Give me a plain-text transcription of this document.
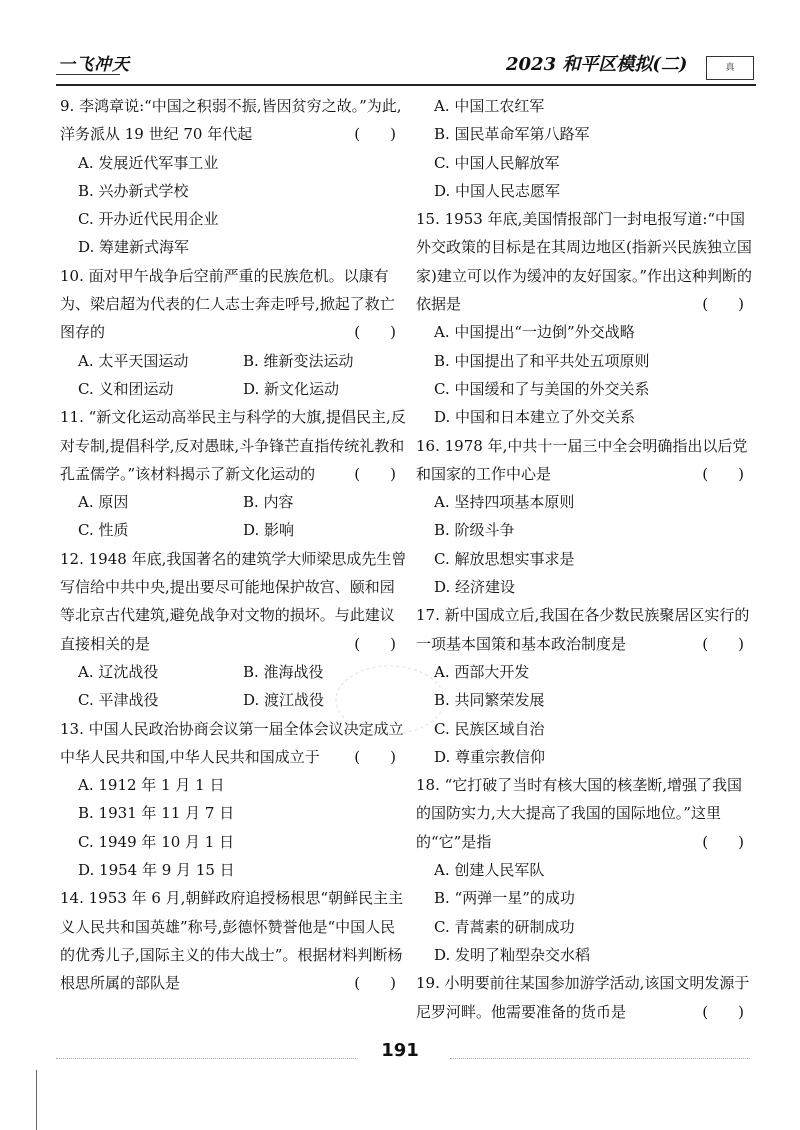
一飞冲天	2023 和平区模拟(二)	真
9. 李鸿章说:“中国之积弱不振,皆因贫穷之故。”为此,洋务派从 19 世纪 70 年代起	(　　)
A. 发展近代军事工业
B. 兴办新式学校
C. 开办近代民用企业
D. 筹建新式海军
10. 面对甲午战争后空前严重的民族危机。以康有为、梁启超为代表的仁人志士奔走呼号,掀起了救亡图存的	(　　)
A. 太平天国运动	B. 维新变法运动
C. 义和团运动	D. 新文化运动
11. “新文化运动高举民主与科学的大旗,提倡民主,反对专制,提倡科学,反对愚昧,斗争锋芒直指传统礼教和孔孟儒学。”该材料揭示了新文化运动的	(　　)
A. 原因	B. 内容
C. 性质	D. 影响
12. 1948 年底,我国著名的建筑学大师梁思成先生曾写信给中共中央,提出要尽可能地保护故宫、颐和园等北京古代建筑,避免战争对文物的损坏。与此建议直接相关的是	(　　)
A. 辽沈战役	B. 淮海战役
C. 平津战役	D. 渡江战役
13. 中国人民政治协商会议第一届全体会议决定成立中华人民共和国,中华人民共和国成立于 (　　)
A. 1912 年 1 月 1 日
B. 1931 年 11 月 7 日
C. 1949 年 10 月 1 日
D. 1954 年 9 月 15 日
14. 1953 年 6 月,朝鲜政府追授杨根思“朝鲜民主主义人民共和国英雄”称号,彭德怀赞誉他是“中国人民的优秀儿子,国际主义的伟大战士”。根据材料判断杨根思所属的部队是	(　　)
A. 中国工农红军
B. 国民革命军第八路军
C. 中国人民解放军
D. 中国人民志愿军
15. 1953 年底,美国情报部门一封电报写道:“中国外交政策的目标是在其周边地区(指新兴民族独立国家)建立可以作为缓冲的友好国家。”作出这种判断的依据是	(　　)
A. 中国提出“一边倒”外交战略
B. 中国提出了和平共处五项原则
C. 中国缓和了与美国的外交关系
D. 中国和日本建立了外交关系
16. 1978 年,中共十一届三中全会明确指出以后党和国家的工作中心是	(　　)
A. 坚持四项基本原则
B. 阶级斗争
C. 解放思想实事求是
D. 经济建设
17. 新中国成立后,我国在各少数民族聚居区实行的一项基本国策和基本政治制度是	(　　)
A. 西部大开发
B. 共同繁荣发展
C. 民族区域自治
D. 尊重宗教信仰
18. “它打破了当时有核大国的核垄断,增强了我国的国防实力,大大提高了我国的国际地位。”这里的“它”是指	(　　)
A. 创建人民军队
B. “两弹一星”的成功
C. 青蒿素的研制成功
D. 发明了籼型杂交水稻
19. 小明要前往某国参加游学活动,该国文明发源于尼罗河畔。他需要准备的货币是	(　　)
191
